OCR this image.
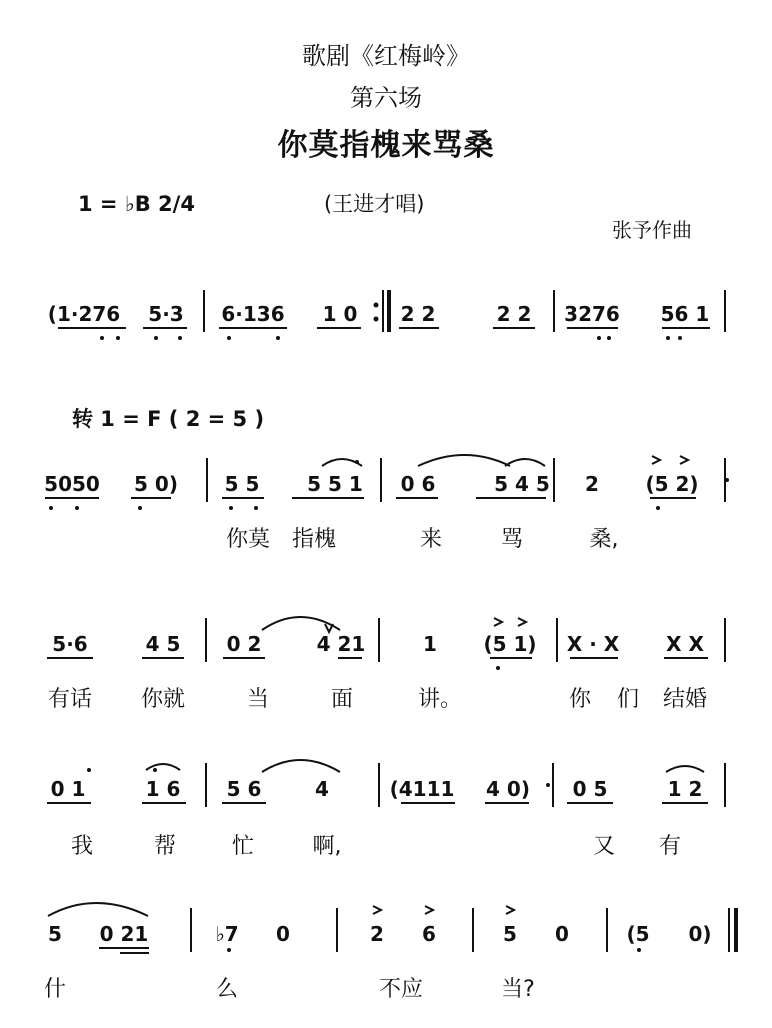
歌剧《红梅岭》
第六场
你莫指槐来骂桑
1 = ♭B 2/4	(王进才唱)
张予作曲
转 1 = F ( 2 = 5 )
(1·276 5·3 6·136 1 0 2 2	2 2 3276 56 1
5050 5 0) 5 5 5 5 1 0 6	5 4 5 2 (5 2)
你莫 指槐	来	骂	桑,
5·6	4 5 0 2	4 21	1 (5 1) X · X X X
有话 你就	当	面	讲。	你 们 结婚
0 1	1 6 5 6	4	(4111 4 0) 0 5	1 2
我	帮	忙	啊,	又 有
5 0 21	♭7 0	2 6	5 0	(5 0)
什	么	不应	当?
